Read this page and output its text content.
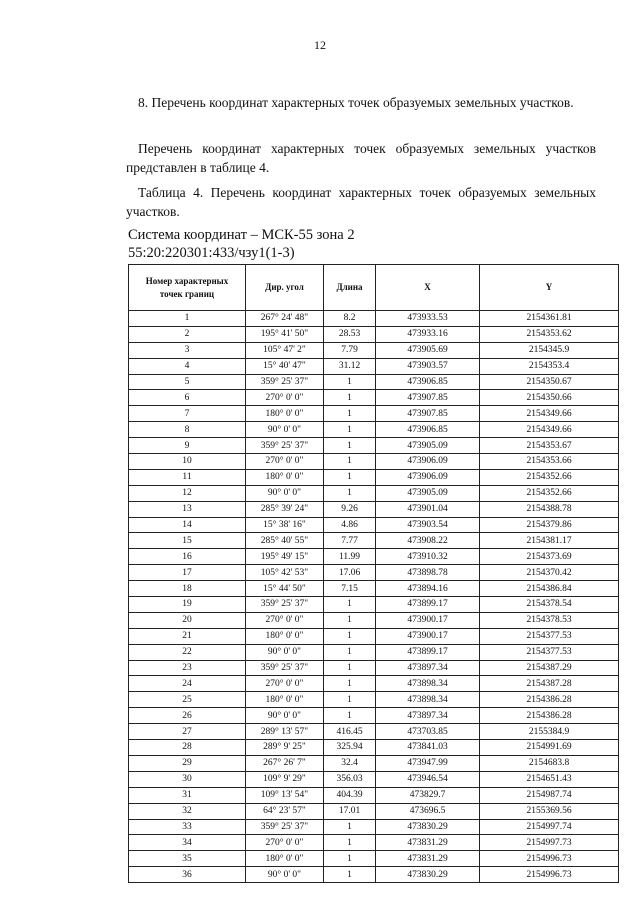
12

8. Перечень координат характерных точек образуемых земельных участков.

Перечень координат характерных точек образуемых земельных участков представлен в таблице 4.

Таблица 4. Перечень координат характерных точек образуемых земельных участков.

Система координат – МСК-55 зона 2
55:20:220301:433/чзу1(1-3)
Номер характерных точек границ	Дир. угол	Длина	X	Y
1	267° 24' 48"	8.2	473933.53	2154361.81
2	195° 41' 50"	28.53	473933.16	2154353.62
3	105° 47' 2"	7.79	473905.69	2154345.9
4	15° 40' 47"	31.12	473903.57	2154353.4
5	359° 25' 37"	1	473906.85	2154350.67
6	270° 0' 0"	1	473907.85	2154350.66
7	180° 0' 0"	1	473907.85	2154349.66
8	90° 0' 0"	1	473906.85	2154349.66
9	359° 25' 37"	1	473905.09	2154353.67
10	270° 0' 0"	1	473906.09	2154353.66
11	180° 0' 0"	1	473906.09	2154352.66
12	90° 0' 0"	1	473905.09	2154352.66
13	285° 39' 24"	9.26	473901.04	2154388.78
14	15° 38' 16"	4.86	473903.54	2154379.86
15	285° 40' 55"	7.77	473908.22	2154381.17
16	195° 49' 15"	11.99	473910.32	2154373.69
17	105° 42' 53"	17.06	473898.78	2154370.42
18	15° 44' 50"	7.15	473894.16	2154386.84
19	359° 25' 37"	1	473899.17	2154378.54
20	270° 0' 0"	1	473900.17	2154378.53
21	180° 0' 0"	1	473900.17	2154377.53
22	90° 0' 0"	1	473899.17	2154377.53
23	359° 25' 37"	1	473897.34	2154387.29
24	270° 0' 0"	1	473898.34	2154387.28
25	180° 0' 0"	1	473898.34	2154386.28
26	90° 0' 0"	1	473897.34	2154386.28
27	289° 13' 57"	416.45	473703.85	2155384.9
28	289° 9' 25"	325.94	473841.03	2154991.69
29	267° 26' 7"	32.4	473947.99	2154683.8
30	109° 9' 29"	356.03	473946.54	2154651.43
31	109° 13' 54"	404.39	473829.7	2154987.74
32	64° 23' 57"	17.01	473696.5	2155369.56
33	359° 25' 37"	1	473830.29	2154997.74
34	270° 0' 0"	1	473831.29	2154997.73
35	180° 0' 0"	1	473831.29	2154996.73
36	90° 0' 0"	1	473830.29	2154996.73
